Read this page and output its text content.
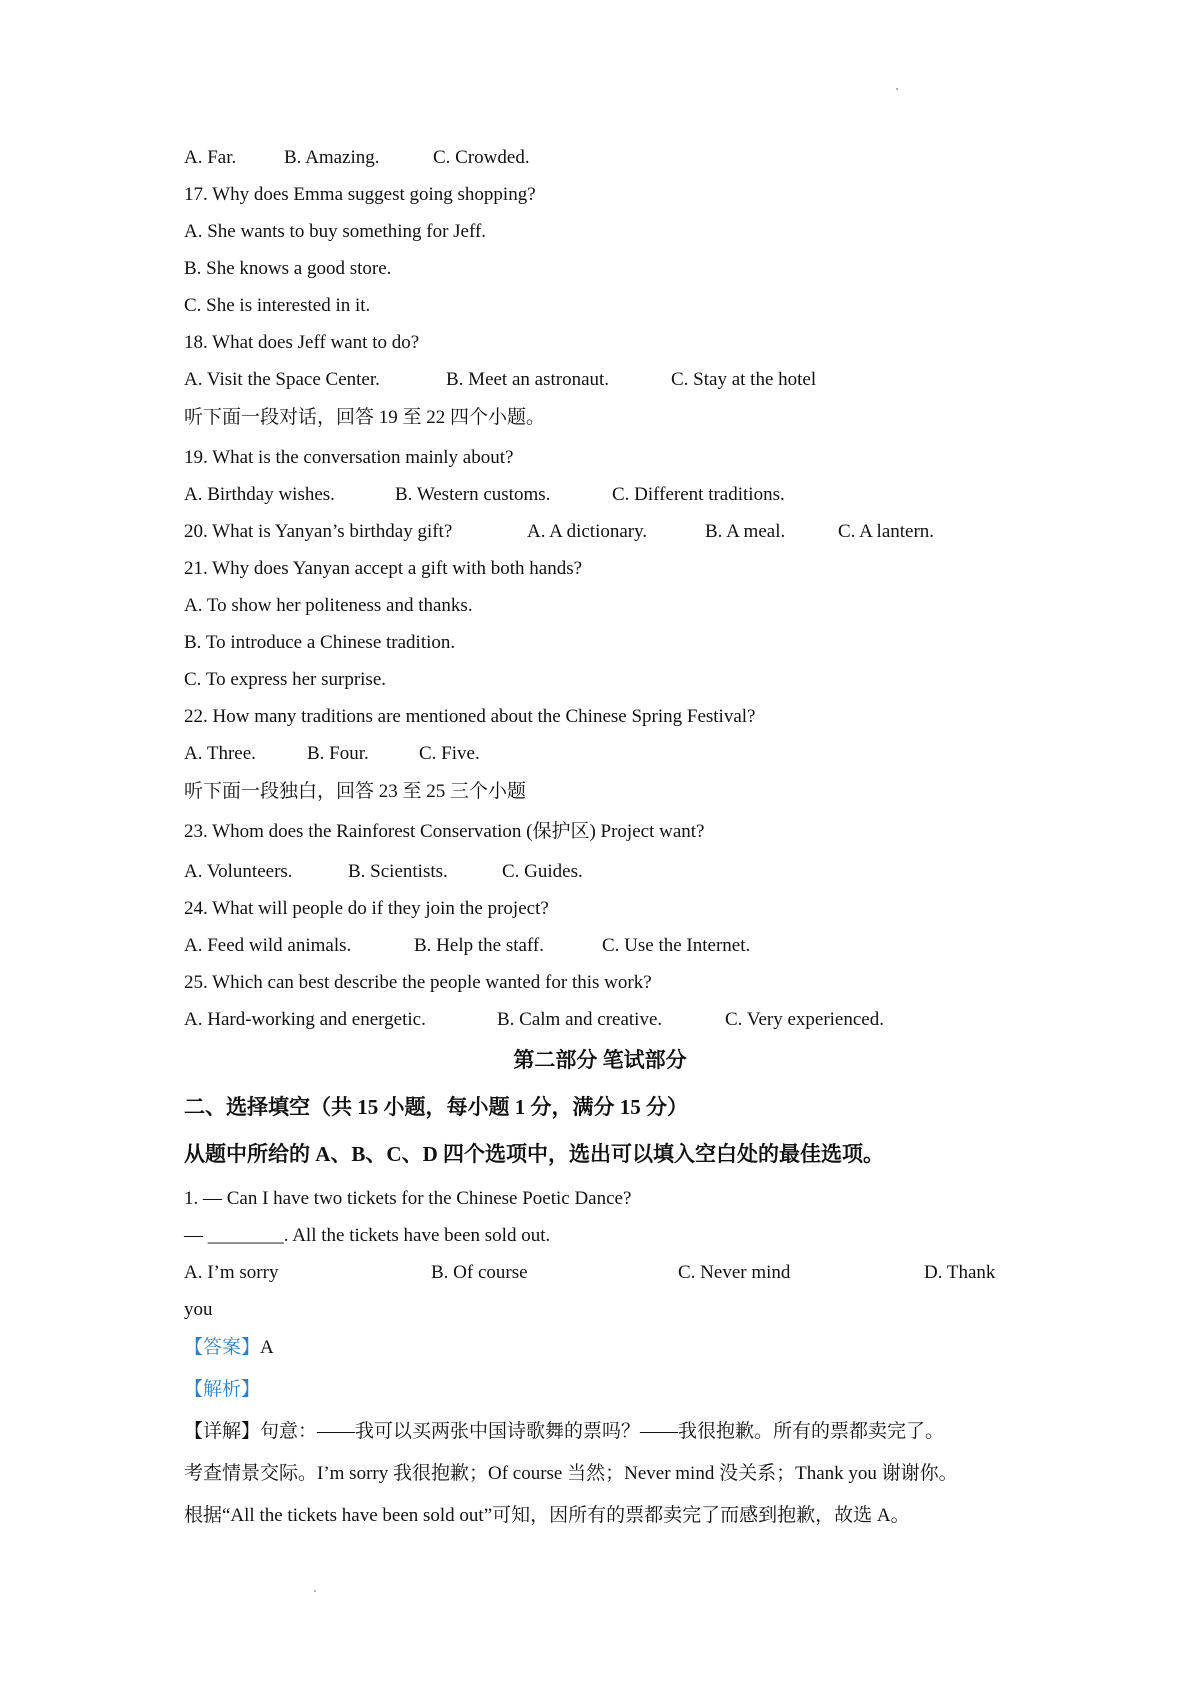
A. Far.	B. Amazing.	C. Crowded.
17. Why does Emma suggest going shopping?
A. She wants to buy something for Jeff.
B. She knows a good store.
C. She is interested in it.
18. What does Jeff want to do?
A. Visit the Space Center.	B. Meet an astronaut.	C. Stay at the hotel
听下面一段对话，回答 19 至 22 四个小题。
19. What is the conversation mainly about?
A. Birthday wishes.	B. Western customs.	C. Different traditions.
20. What is Yanyan’s birthday gift?	A. A dictionary.	B. A meal.	C. A lantern.
21. Why does Yanyan accept a gift with both hands?
A. To show her politeness and thanks.
B. To introduce a Chinese tradition.
C. To express her surprise.
22. How many traditions are mentioned about the Chinese Spring Festival?
A. Three.	B. Four.	C. Five.
听下面一段独白，回答 23 至 25 三个小题
23. Whom does the Rainforest Conservation (保护区) Project want?
A. Volunteers.	B. Scientists.	C. Guides.
24. What will people do if they join the project?
A. Feed wild animals.	B. Help the staff.	C. Use the Internet.
25. Which can best describe the people wanted for this work?
A. Hard-working and energetic.	B. Calm and creative.	C. Very experienced.
第二部分 笔试部分
二、选择填空（共 15 小题，每小题 1 分，满分 15 分）
从题中所给的 A、B、C、D 四个选项中，选出可以填入空白处的最佳选项。
1. — Can I have two tickets for the Chinese Poetic Dance?
— ________. All the tickets have been sold out.
A. I’m sorry	B. Of course	C. Never mind	D. Thank
you
【答案】A
【解析】
【详解】句意：——我可以买两张中国诗歌舞的票吗？——我很抱歉。所有的票都卖完了。
考查情景交际。I’m sorry 我很抱歉；Of course 当然；Never mind 没关系；Thank you 谢谢你。
根据“All the tickets have been sold out”可知，因所有的票都卖完了而感到抱歉，故选 A。
